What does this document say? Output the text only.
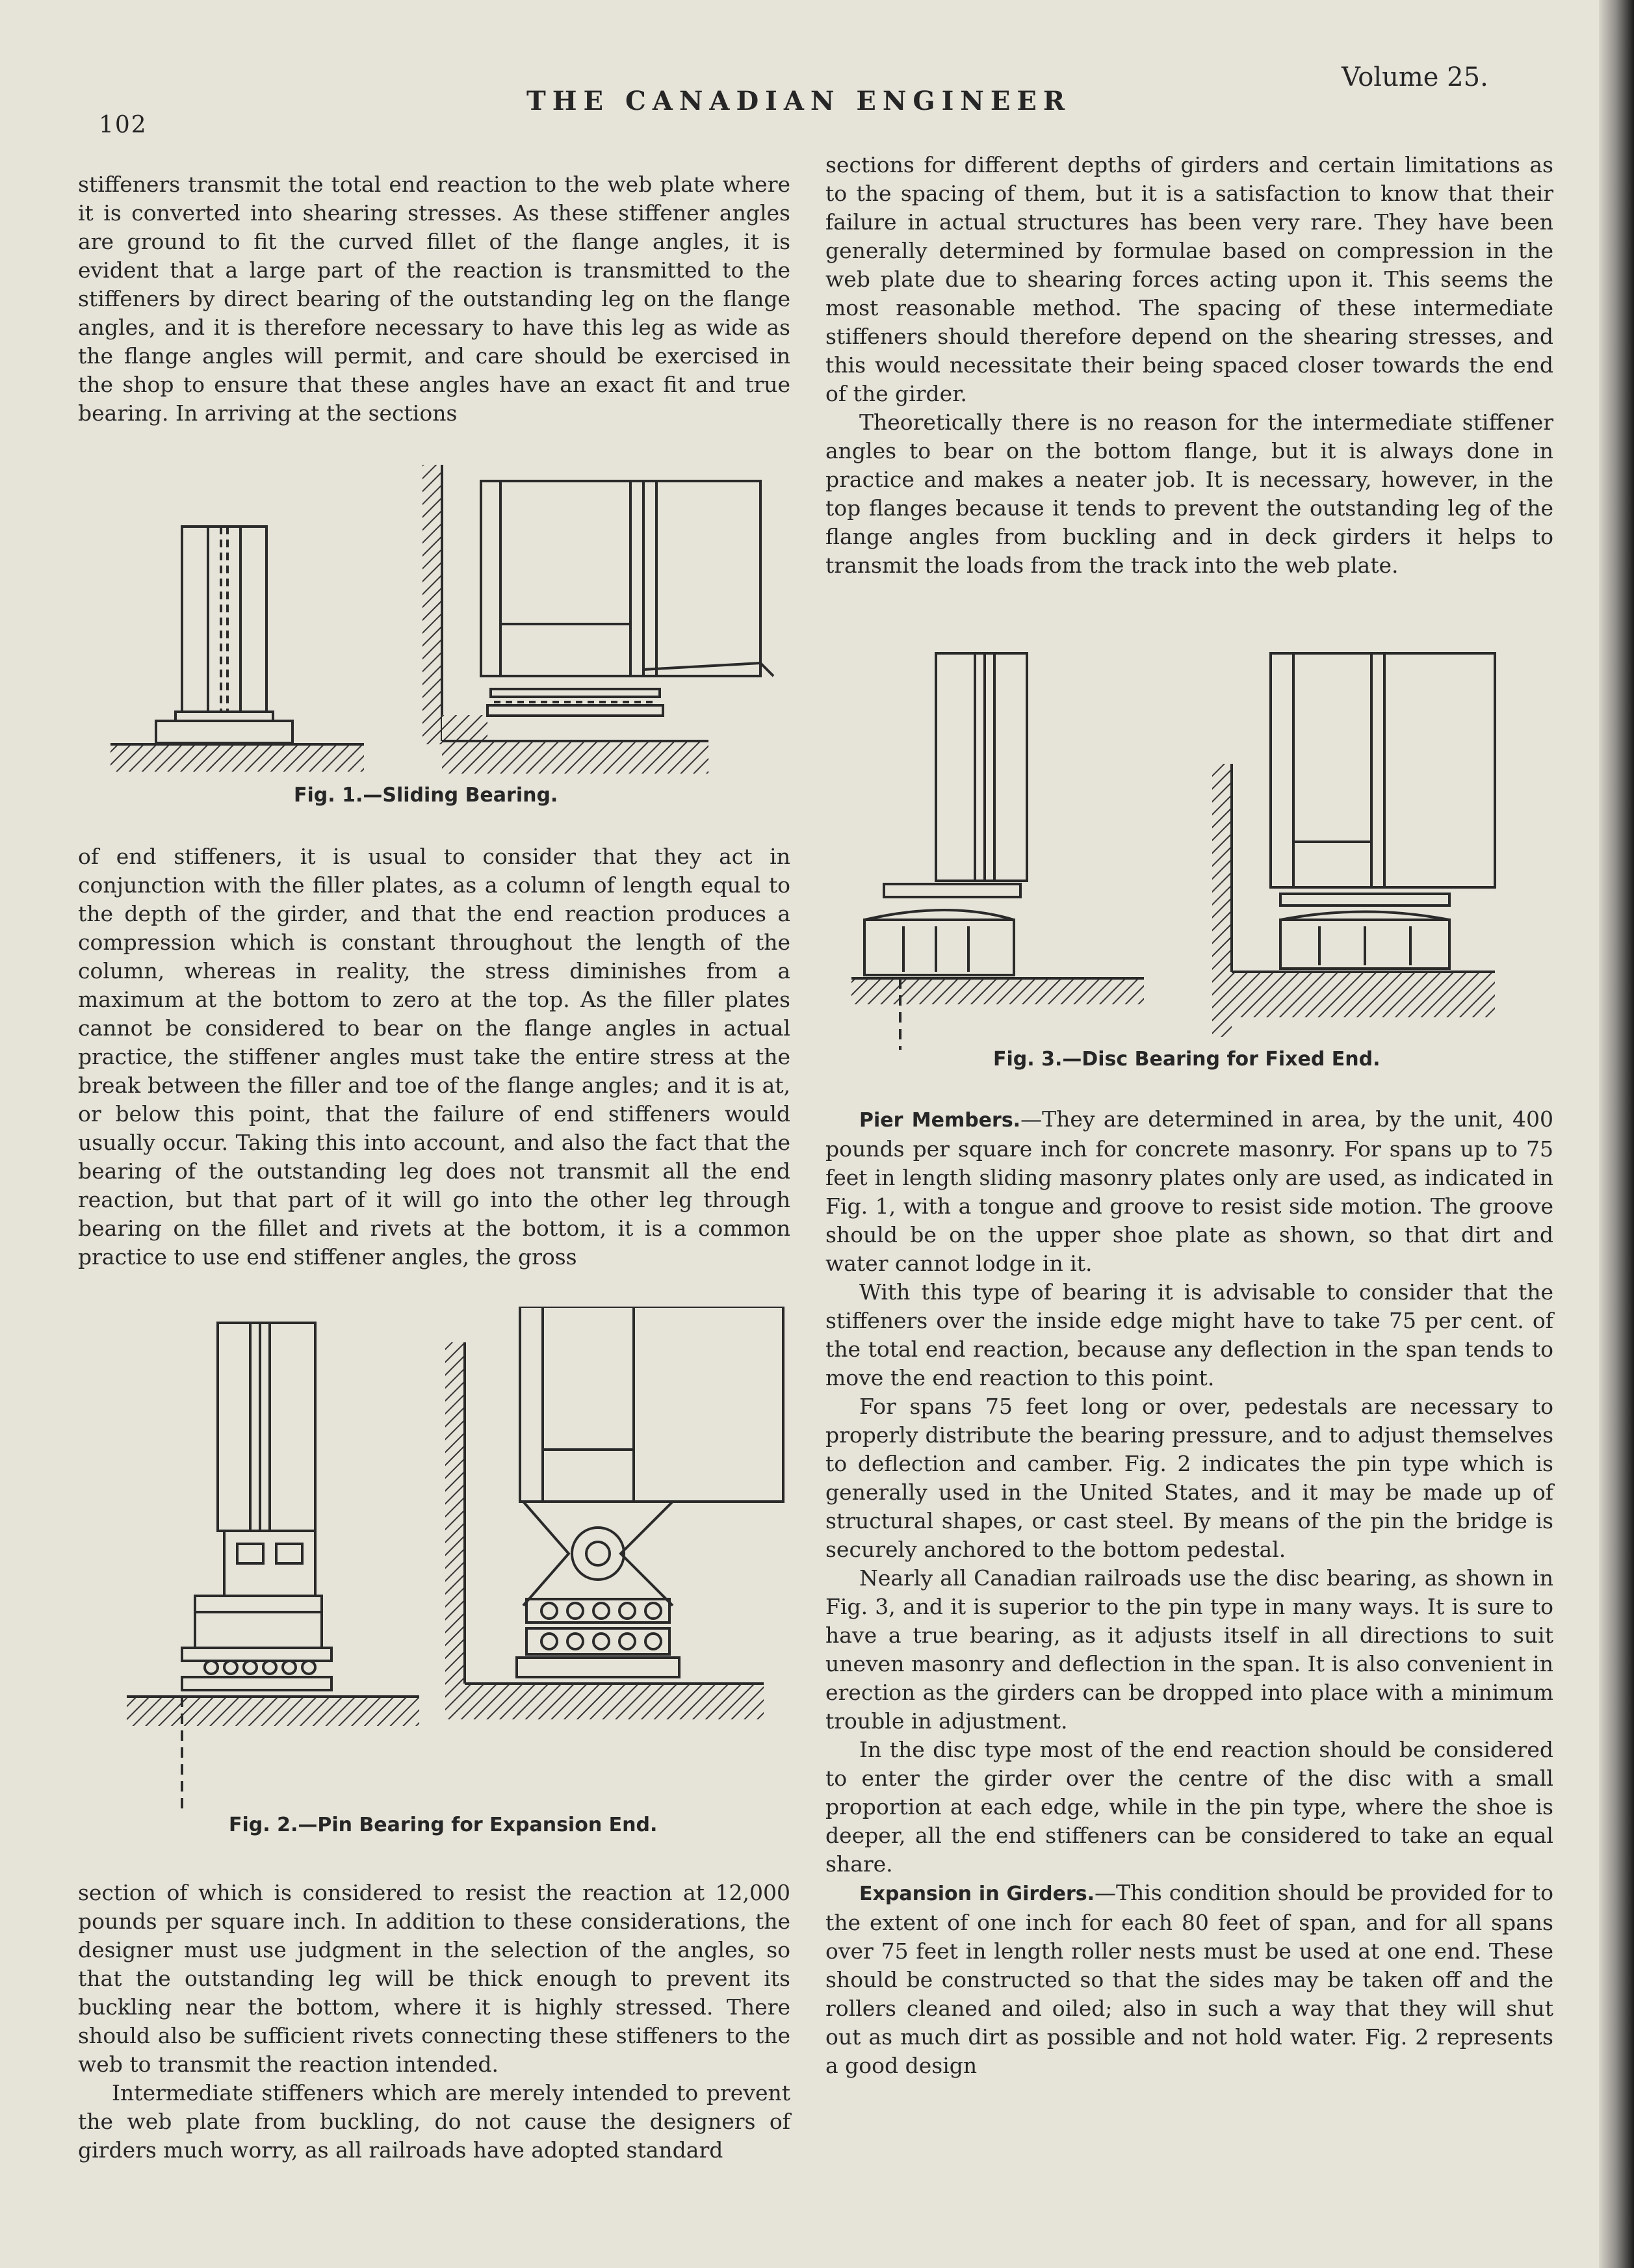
102
THE CANADIAN ENGINEER
Volume 25.

stiffeners transmit the total end reaction to the web plate where it is converted into shearing stresses. As these stiffener angles are ground to fit the curved fillet of the flange angles, it is evident that a large part of the reaction is transmitted to the stiffeners by direct bearing of the outstanding leg on the flange angles, and it is therefore necessary to have this leg as wide as the flange angles will permit, and care should be exercised in the shop to ensure that these angles have an exact fit and true bearing. In arriving at the sections

Fig. 1.—Sliding Bearing.

of end stiffeners, it is usual to consider that they act in conjunction with the filler plates, as a column of length equal to the depth of the girder, and that the end reaction produces a compression which is constant throughout the length of the column, whereas in reality, the stress diminishes from a maximum at the bottom to zero at the top. As the filler plates cannot be considered to bear on the flange angles in actual practice, the stiffener angles must take the entire stress at the break between the filler and toe of the flange angles; and it is at, or below this point, that the failure of end stiffeners would usually occur. Taking this into account, and also the fact that the bearing of the outstanding leg does not transmit all the end reaction, but that part of it will go into the other leg through bearing on the fillet and rivets at the bottom, it is a common practice to use end stiffener angles, the gross

Fig. 2.—Pin Bearing for Expansion End.

section of which is considered to resist the reaction at 12,000 pounds per square inch. In addition to these considerations, the designer must use judgment in the selection of the angles, so that the outstanding leg will be thick enough to prevent its buckling near the bottom, where it is highly stressed. There should also be sufficient rivets connecting these stiffeners to the web to transmit the reaction intended.

Intermediate stiffeners which are merely intended to prevent the web plate from buckling, do not cause the designers of girders much worry, as all railroads have adopted standard

sections for different depths of girders and certain limitations as to the spacing of them, but it is a satisfaction to know that their failure in actual structures has been very rare. They have been generally determined by formulae based on compression in the web plate due to shearing forces acting upon it. This seems the most reasonable method. The spacing of these intermediate stiffeners should therefore depend on the shearing stresses, and this would necessitate their being spaced closer towards the end of the girder.

Theoretically there is no reason for the intermediate stiffener angles to bear on the bottom flange, but it is always done in practice and makes a neater job. It is necessary, however, in the top flanges because it tends to prevent the outstanding leg of the flange angles from buckling and in deck girders it helps to transmit the loads from the track into the web plate.

Fig. 3.—Disc Bearing for Fixed End.

Pier Members.—They are determined in area, by the unit, 400 pounds per square inch for concrete masonry. For spans up to 75 feet in length sliding masonry plates only are used, as indicated in Fig. 1, with a tongue and groove to resist side motion. The groove should be on the upper shoe plate as shown, so that dirt and water cannot lodge in it.

With this type of bearing it is advisable to consider that the stiffeners over the inside edge might have to take 75 per cent. of the total end reaction, because any deflection in the span tends to move the end reaction to this point.

For spans 75 feet long or over, pedestals are necessary to properly distribute the bearing pressure, and to adjust themselves to deflection and camber. Fig. 2 indicates the pin type which is generally used in the United States, and it may be made up of structural shapes, or cast steel. By means of the pin the bridge is securely anchored to the bottom pedestal.

Nearly all Canadian railroads use the disc bearing, as shown in Fig. 3, and it is superior to the pin type in many ways. It is sure to have a true bearing, as it adjusts itself in all directions to suit uneven masonry and deflection in the span. It is also convenient in erection as the girders can be dropped into place with a minimum trouble in adjustment.

In the disc type most of the end reaction should be considered to enter the girder over the centre of the disc with a small proportion at each edge, while in the pin type, where the shoe is deeper, all the end stiffeners can be considered to take an equal share.

Expansion in Girders.—This condition should be provided for to the extent of one inch for each 80 feet of span, and for all spans over 75 feet in length roller nests must be used at one end. These should be constructed so that the sides may be taken off and the rollers cleaned and oiled; also in such a way that they will shut out as much dirt as possible and not hold water. Fig. 2 represents a good design
